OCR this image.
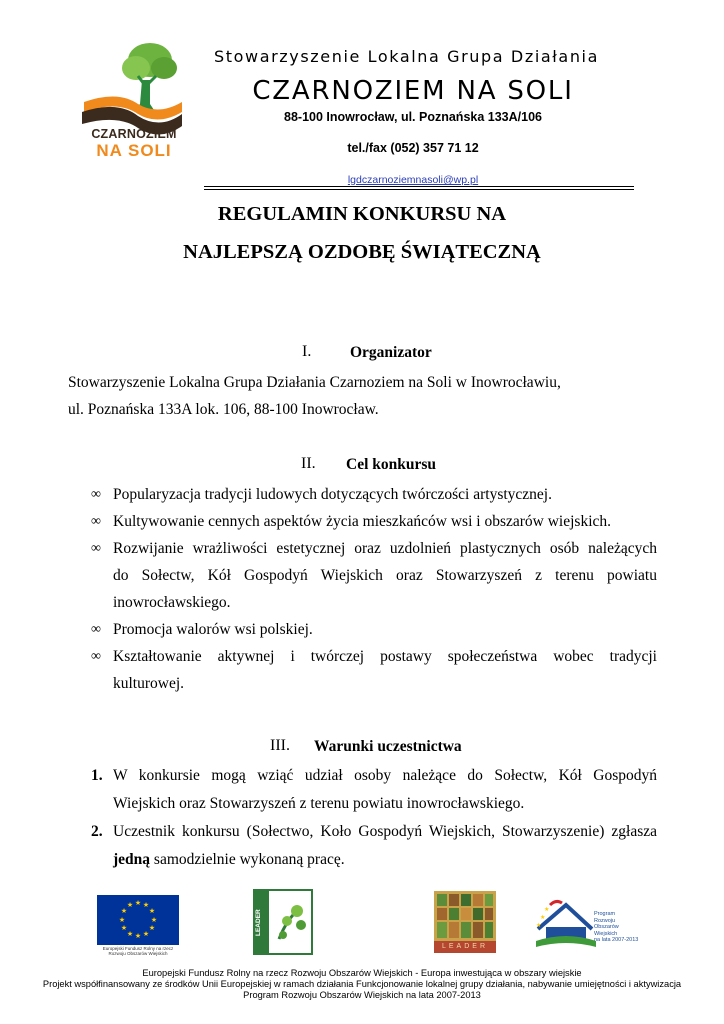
CZARNOZIEM
NA SOLI
Stowarzyszenie Lokalna Grupa Działania
CZARNOZIEM NA SOLI
88-100 Inowrocław, ul. Poznańska 133A/106
tel./fax (052) 357 71 12
lgdczarnoziemnasoli@wp.pl
REGULAMIN KONKURSU NA
NAJLEPSZĄ OZDOBĘ ŚWIĄTECZNĄ
I. Organizator
Stowarzyszenie Lokalna Grupa Działania Czarnoziem na Soli w Inowrocławiu,
ul. Poznańska 133A lok. 106, 88-100 Inowrocław.
II. Cel konkursu
∞ Popularyzacja tradycji ludowych dotyczących twórczości artystycznej.
∞ Kultywowanie cennych aspektów życia mieszkańców wsi i obszarów wiejskich.
∞ Rozwijanie wrażliwości estetycznej oraz uzdolnień plastycznych osób należących
do Sołectw, Kół Gospodyń Wiejskich oraz Stowarzyszeń z terenu powiatu
inowrocławskiego.
∞ Promocja walorów wsi polskiej.
∞ Kształtowanie aktywnej i twórczej postawy społeczeństwa wobec tradycji
kulturowej.
III. Warunki uczestnictwa
1. W konkursie mogą wziąć udział osoby należące do Sołectw, Kół Gospodyń
Wiejskich oraz Stowarzyszeń z terenu powiatu inowrocławskiego.
2. Uczestnik konkursu (Sołectwo, Koło Gospodyń Wiejskich, Stowarzyszenie) zgłasza
jedną samodzielnie wykonaną pracę.
★ ★
★
★
★
★
★
★
★
★
★
★
Europejski Fundusz Rolny na rzecz
Rozwoju Obszarów Wiejskich
LEADER
LEADER
★
★
★
Program
Rozwoju
Obszarów
Wiejskich
na lata 2007-2013
Europejski Fundusz Rolny na rzecz Rozwoju Obszarów Wiejskich - Europa inwestująca w obszary wiejskie
Projekt współfinansowany ze środków Unii Europejskiej w ramach działania Funkcjonowanie lokalnej grupy działania, nabywanie umiejętności i aktywizacja
Program Rozwoju Obszarów Wiejskich na lata 2007-2013
